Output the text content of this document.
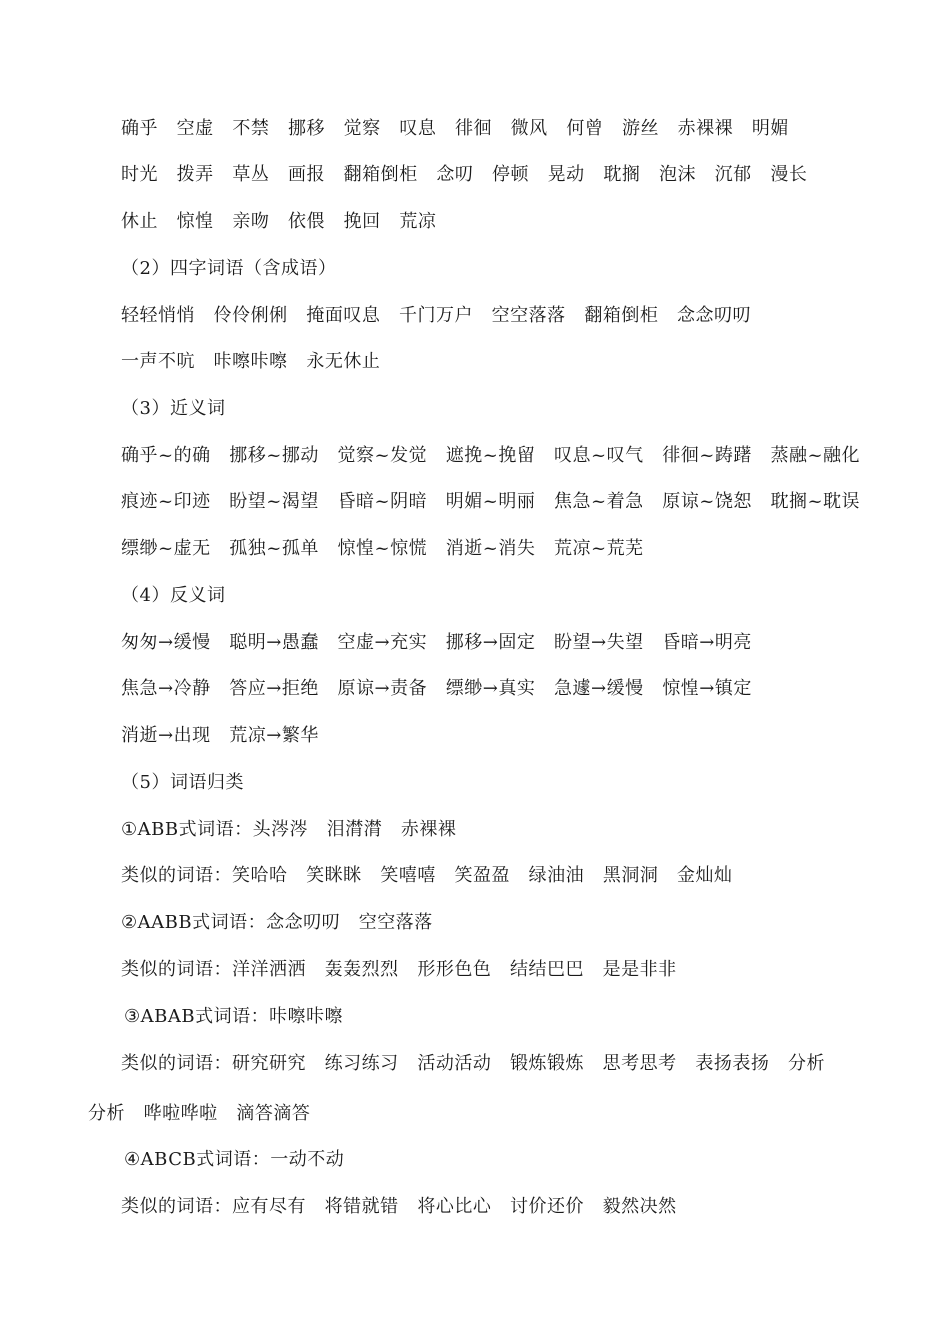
确乎   空虚   不禁   挪移   觉察   叹息   徘徊   微风   何曾   游丝   赤裸裸   明媚
时光   拨弄   草丛   画报   翻箱倒柜   念叨   停顿   晃动   耽搁   泡沫   沉郁   漫长
休止   惊惶   亲吻   依偎   挽回   荒凉
（2）四字词语（含成语）
轻轻悄悄   伶伶俐俐   掩面叹息   千门万户   空空落落   翻箱倒柜   念念叨叨
一声不吭   咔嚓咔嚓   永无休止
（3）近义词
确乎~的确   挪移~挪动   觉察~发觉   遮挽~挽留   叹息~叹气   徘徊~踌躇   蒸融~融化
痕迹~印迹   盼望~渴望   昏暗~阴暗   明媚~明丽   焦急~着急   原谅~饶恕   耽搁~耽误
缥缈~虚无   孤独~孤单   惊惶~惊慌   消逝~消失   荒凉~荒芜
（4）反义词
匆匆→缓慢   聪明→愚蠢   空虚→充实   挪移→固定   盼望→失望   昏暗→明亮
焦急→冷静   答应→拒绝   原谅→责备   缥缈→真实   急遽→缓慢   惊惶→镇定
消逝→出现   荒凉→繁华
（5）词语归类
①ABB式词语：头涔涔   泪潸潸   赤裸裸
类似的词语：笑哈哈   笑眯眯   笑嘻嘻   笑盈盈   绿油油   黑洞洞   金灿灿
②AABB式词语：念念叨叨   空空落落
类似的词语：洋洋洒洒   轰轰烈烈   形形色色   结结巴巴   是是非非
③ABAB式词语：咔嚓咔嚓
类似的词语：研究研究   练习练习   活动活动   锻炼锻炼   思考思考   表扬表扬   分析
分析   哗啦哗啦   滴答滴答
④ABCB式词语：一动不动
类似的词语：应有尽有   将错就错   将心比心   讨价还价   毅然决然
